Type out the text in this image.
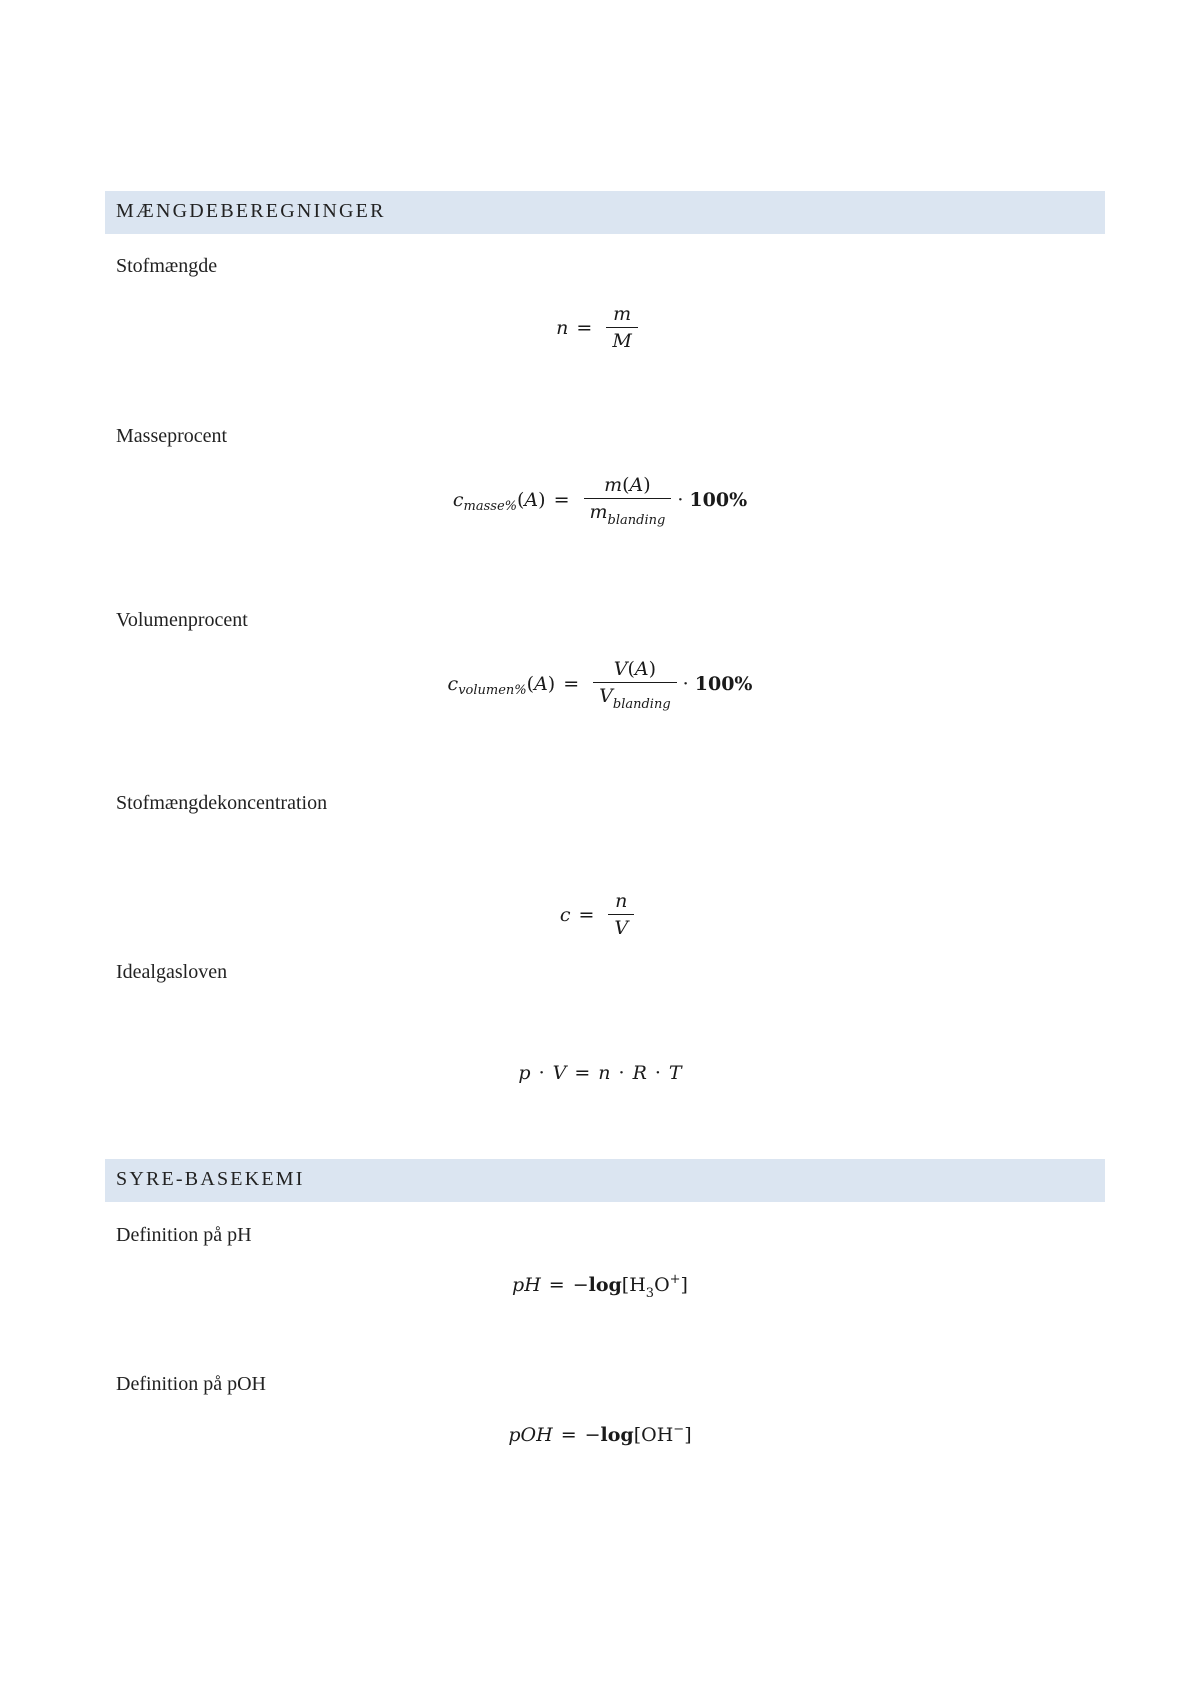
MÆNGDEBEREGNINGER
Stofmængde
$n = \frac{m}{M}$
Masseprocent
c masse% $(A) = \frac{m(A)}{m_{blanding}}$ ·
100%
Volumenprocent
c volumen% $(A) = \frac{V(A)}{V_{blanding}}$ ·
100%
Stofmængdekoncentration
$c = \frac{n}{V}$
Idealgasloven
p · V = n · R · T
SYRE-BASEKEMI
Definition på pH
pH = − $\log [H_3O^+]$
Definition på pOH
pOH = − log [OH−]
